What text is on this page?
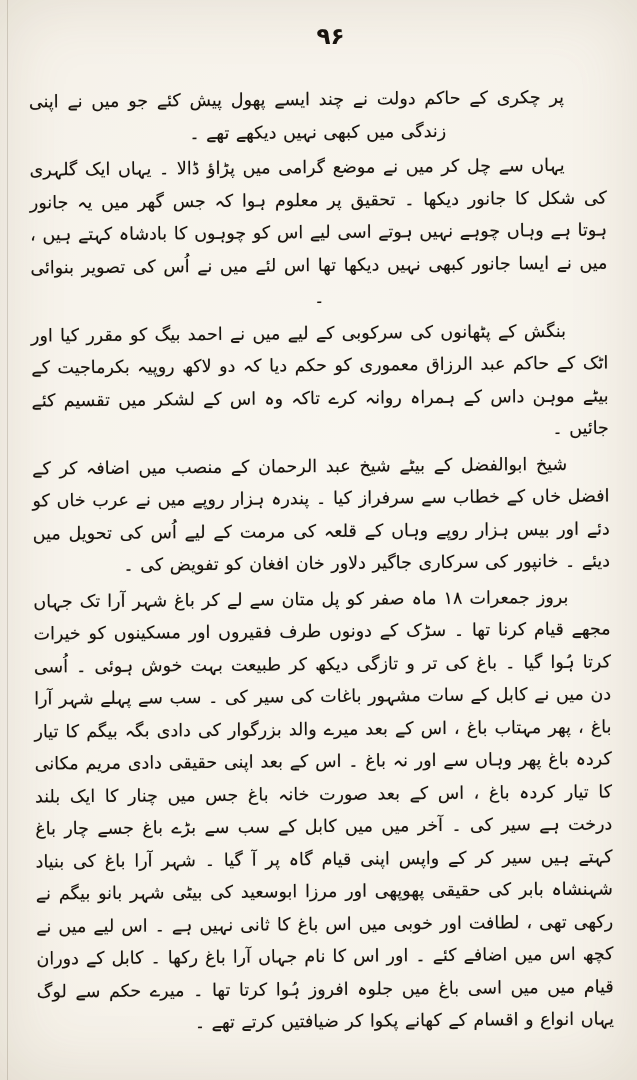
۹۶

پر چکری کے حاکم دولت نے چند ایسے پھول پیش کئے جو میں نے اپنی زندگی میں کبھی نہیں دیکھے تھے ۔

یہاں سے چل کر میں نے موضع گرامی میں پڑاؤ ڈالا ۔ یہاں ایک گلہری کی شکل کا جانور دیکھا ۔ تحقیق پر معلوم ہوا کہ جس گھر میں یہ جانور ہوتا ہے وہاں چوہے نہیں ہوتے اسی لیے اس کو چوہوں کا بادشاہ کہتے ہیں ، میں نے ایسا جانور کبھی نہیں دیکھا تھا اس لئے میں نے اُس کی تصویر بنوائی ۔

بنگش کے پٹھانوں کی سرکوبی کے لیے میں نے احمد بیگ کو مقرر کیا اور اٹک کے حاکم عبد الرزاق معموری کو حکم دیا کہ دو لاکھ روپیہ بکرماجیت کے بیٹے موہن داس کے ہمراہ روانہ کرے تاکہ وہ اس کے لشکر میں تقسیم کئے جائیں ۔

شیخ ابوالفضل کے بیٹے شیخ عبد الرحمان کے منصب میں اضافہ کر کے افضل خاں کے خطاب سے سرفراز کیا ۔ پندرہ ہزار روپے میں نے عرب خاں کو دئے اور بیس ہزار روپے وہاں کے قلعہ کی مرمت کے لیے اُس کی تحویل میں دیئے ۔ خانپور کی سرکاری جاگیر دلاور خان افغان کو تفویض کی ۔

بروز جمعرات ۱۸ ماہ صفر کو پل متان سے لے کر باغ شہر آرا تک جہاں مجھے قیام کرنا تھا ۔ سڑک کے دونوں طرف فقیروں اور مسکینوں کو خیرات کرتا ہُوا گیا ۔ باغ کی تر و تازگی دیکھ کر طبیعت بہت خوش ہوئی ۔ اُسی دن میں نے کابل کے سات مشہور باغات کی سیر کی ۔ سب سے پہلے شہر آرا باغ ، پھر مہتاب باغ ، اس کے بعد میرے والد بزرگوار کی دادی بگہ بیگم کا تیار کردہ باغ پھر وہاں سے اور نہ باغ ۔ اس کے بعد اپنی حقیقی دادی مریم مکانی کا تیار کردہ باغ ، اس کے بعد صورت خانہ باغ جس میں چنار کا ایک بلند درخت ہے سیر کی ۔ آخر میں میں کابل کے سب سے بڑے باغ جسے چار باغ کہتے ہیں سیر کر کے واپس اپنی قیام گاہ پر آ گیا ۔ شہر آرا باغ کی بنیاد شہنشاہ بابر کی حقیقی پھوپھی اور مرزا ابوسعید کی بیٹی شہر بانو بیگم نے رکھی تھی ، لطافت اور خوبی میں اس باغ کا ثانی نہیں ہے ۔ اس لیے میں نے کچھ اس میں اضافے کئے ۔ اور اس کا نام جہاں آرا باغ رکھا ۔ کابل کے دوران قیام میں میں اسی باغ میں جلوہ افروز ہُوا کرتا تھا ۔ میرے حکم سے لوگ یہاں انواع و اقسام کے کھانے پکوا کر ضیافتیں کرتے تھے ۔
